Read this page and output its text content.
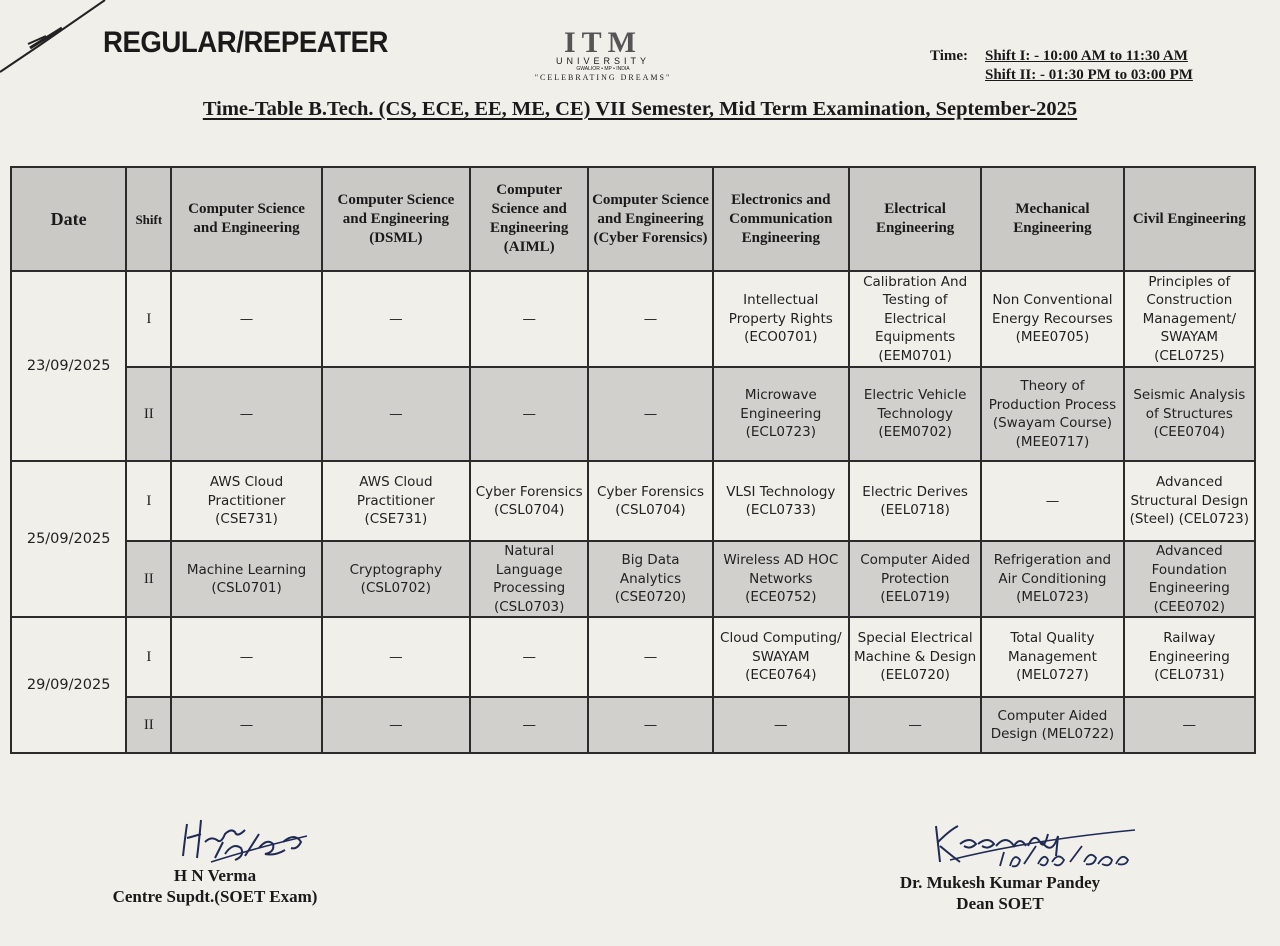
REGULAR/REPEATER	ITM
UNIVERSITY
GWALIOR • MP • INDIA
"CELEBRATING DREAMS"
Time: Shift I: - 10:00 AM to 11:30 AM
Shift II: - 01:30 PM to 03:00 PM
Time-Table B.Tech. (CS, ECE, EE, ME, CE) VII Semester, Mid Term Examination, September-2025
Date	Shift	Computer Science and Engineering	Computer Science and Engineering (DSML)	Computer Science and Engineering (AIML)	Computer Science and Engineering (Cyber Forensics)	Electronics and Communication Engineering	Electrical Engineering	Mechanical Engineering	Civil Engineering
23/09/2025	I	—	—	—	—	Intellectual Property Rights (ECO0701)	Calibration And Testing of Electrical Equipments (EEM0701)	Non Conventional Energy Recourses (MEE0705)	Principles of Construction Management/ SWAYAM (CEL0725)
	II	—	—	—	—	Microwave Engineering (ECL0723)	Electric Vehicle Technology (EEM0702)	Theory of Production Process (Swayam Course) (MEE0717)	Seismic Analysis of Structures (CEE0704)
25/09/2025	I	AWS Cloud Practitioner (CSE731)	AWS Cloud Practitioner (CSE731)	Cyber Forensics (CSL0704)	Cyber Forensics (CSL0704)	VLSI Technology (ECL0733)	Electric Derives (EEL0718)	—	Advanced Structural Design (Steel) (CEL0723)
	II	Machine Learning (CSL0701)	Cryptography (CSL0702)	Natural Language Processing (CSL0703)	Big Data Analytics (CSE0720)	Wireless AD HOC Networks (ECE0752)	Computer Aided Protection (EEL0719)	Refrigeration and Air Conditioning (MEL0723)	Advanced Foundation Engineering (CEE0702)
29/09/2025	I	—	—	—	—	Cloud Computing/ SWAYAM (ECE0764)	Special Electrical Machine & Design (EEL0720)	Total Quality Management (MEL0727)	Railway Engineering (CEL0731)
	II	—	—	—	—	—	—	Computer Aided Design (MEL0722)	—
H N Verma
Centre Supdt.(SOET Exam)
Dr. Mukesh Kumar Pandey
Dean SOET
